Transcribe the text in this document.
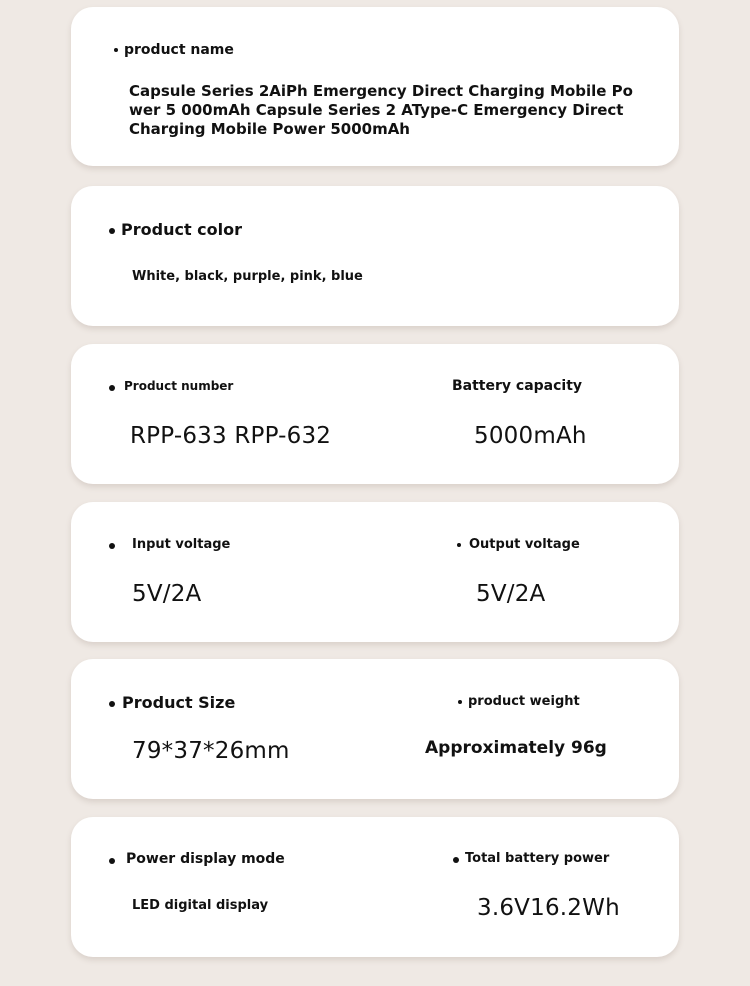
product name
Capsule Series 2AiPh Emergency Direct Charging Mobile Power 5 000mAh Capsule Series 2 AType-C Emergency Direct Charging Mobile Power 5000mAh
Product color
White, black, purple, pink, blue
Product number
RPP-633 RPP-632
Battery capacity
5000mAh
Input voltage
5V/2A
Output voltage
5V/2A
Product Size
79*37*26mm
product weight
Approximately 96g
Power display mode
LED digital display
Total battery power
3.6V16.2Wh
